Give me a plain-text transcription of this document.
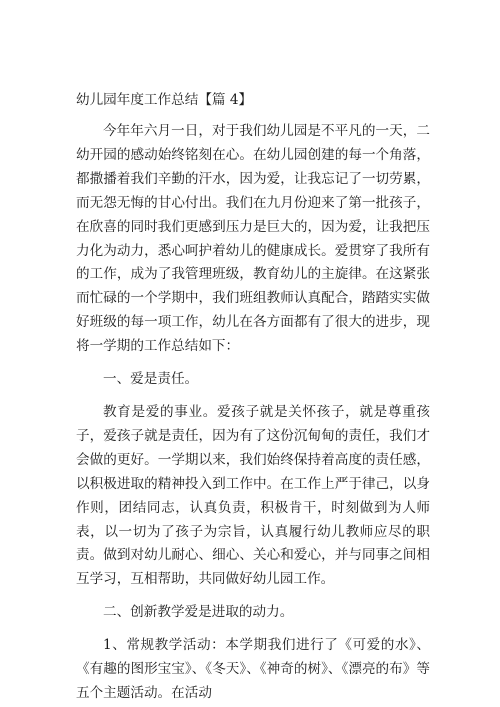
幼儿园年度工作总结【篇 4】

今年年六月一日，对于我们幼儿园是不平凡的一天，二幼开园的感动始终铭刻在心。在幼儿园创建的每一个角落，都撒播着我们辛勤的汗水，因为爱，让我忘记了一切劳累，而无怨无悔的甘心付出。我们在九月份迎来了第一批孩子，在欣喜的同时我们更感到压力是巨大的，因为爱，让我把压力化为动力，悉心呵护着幼儿的健康成长。爱贯穿了我所有的工作，成为了我管理班级，教育幼儿的主旋律。在这紧张而忙碌的一个学期中，我们班组教师认真配合，踏踏实实做好班级的每一项工作，幼儿在各方面都有了很大的进步，现将一学期的工作总结如下：

一、爱是责任。

教育是爱的事业。爱孩子就是关怀孩子，就是尊重孩子，爱孩子就是责任，因为有了这份沉甸甸的责任，我们才会做的更好。一学期以来，我们始终保持着高度的责任感，以积极进取的精神投入到工作中。在工作上严于律己，以身作则，团结同志，认真负责，积极肯干，时刻做到为人师表，以一切为了孩子为宗旨，认真履行幼儿教师应尽的职责。做到对幼儿耐心、细心、关心和爱心，并与同事之间相互学习，互相帮助，共同做好幼儿园工作。

二、创新教学爱是进取的动力。

1、常规教学活动：本学期我们进行了《可爱的水》、《有趣的图形宝宝》、《冬天》、《神奇的树》、《漂亮的布》等五个主题活动。在活动
